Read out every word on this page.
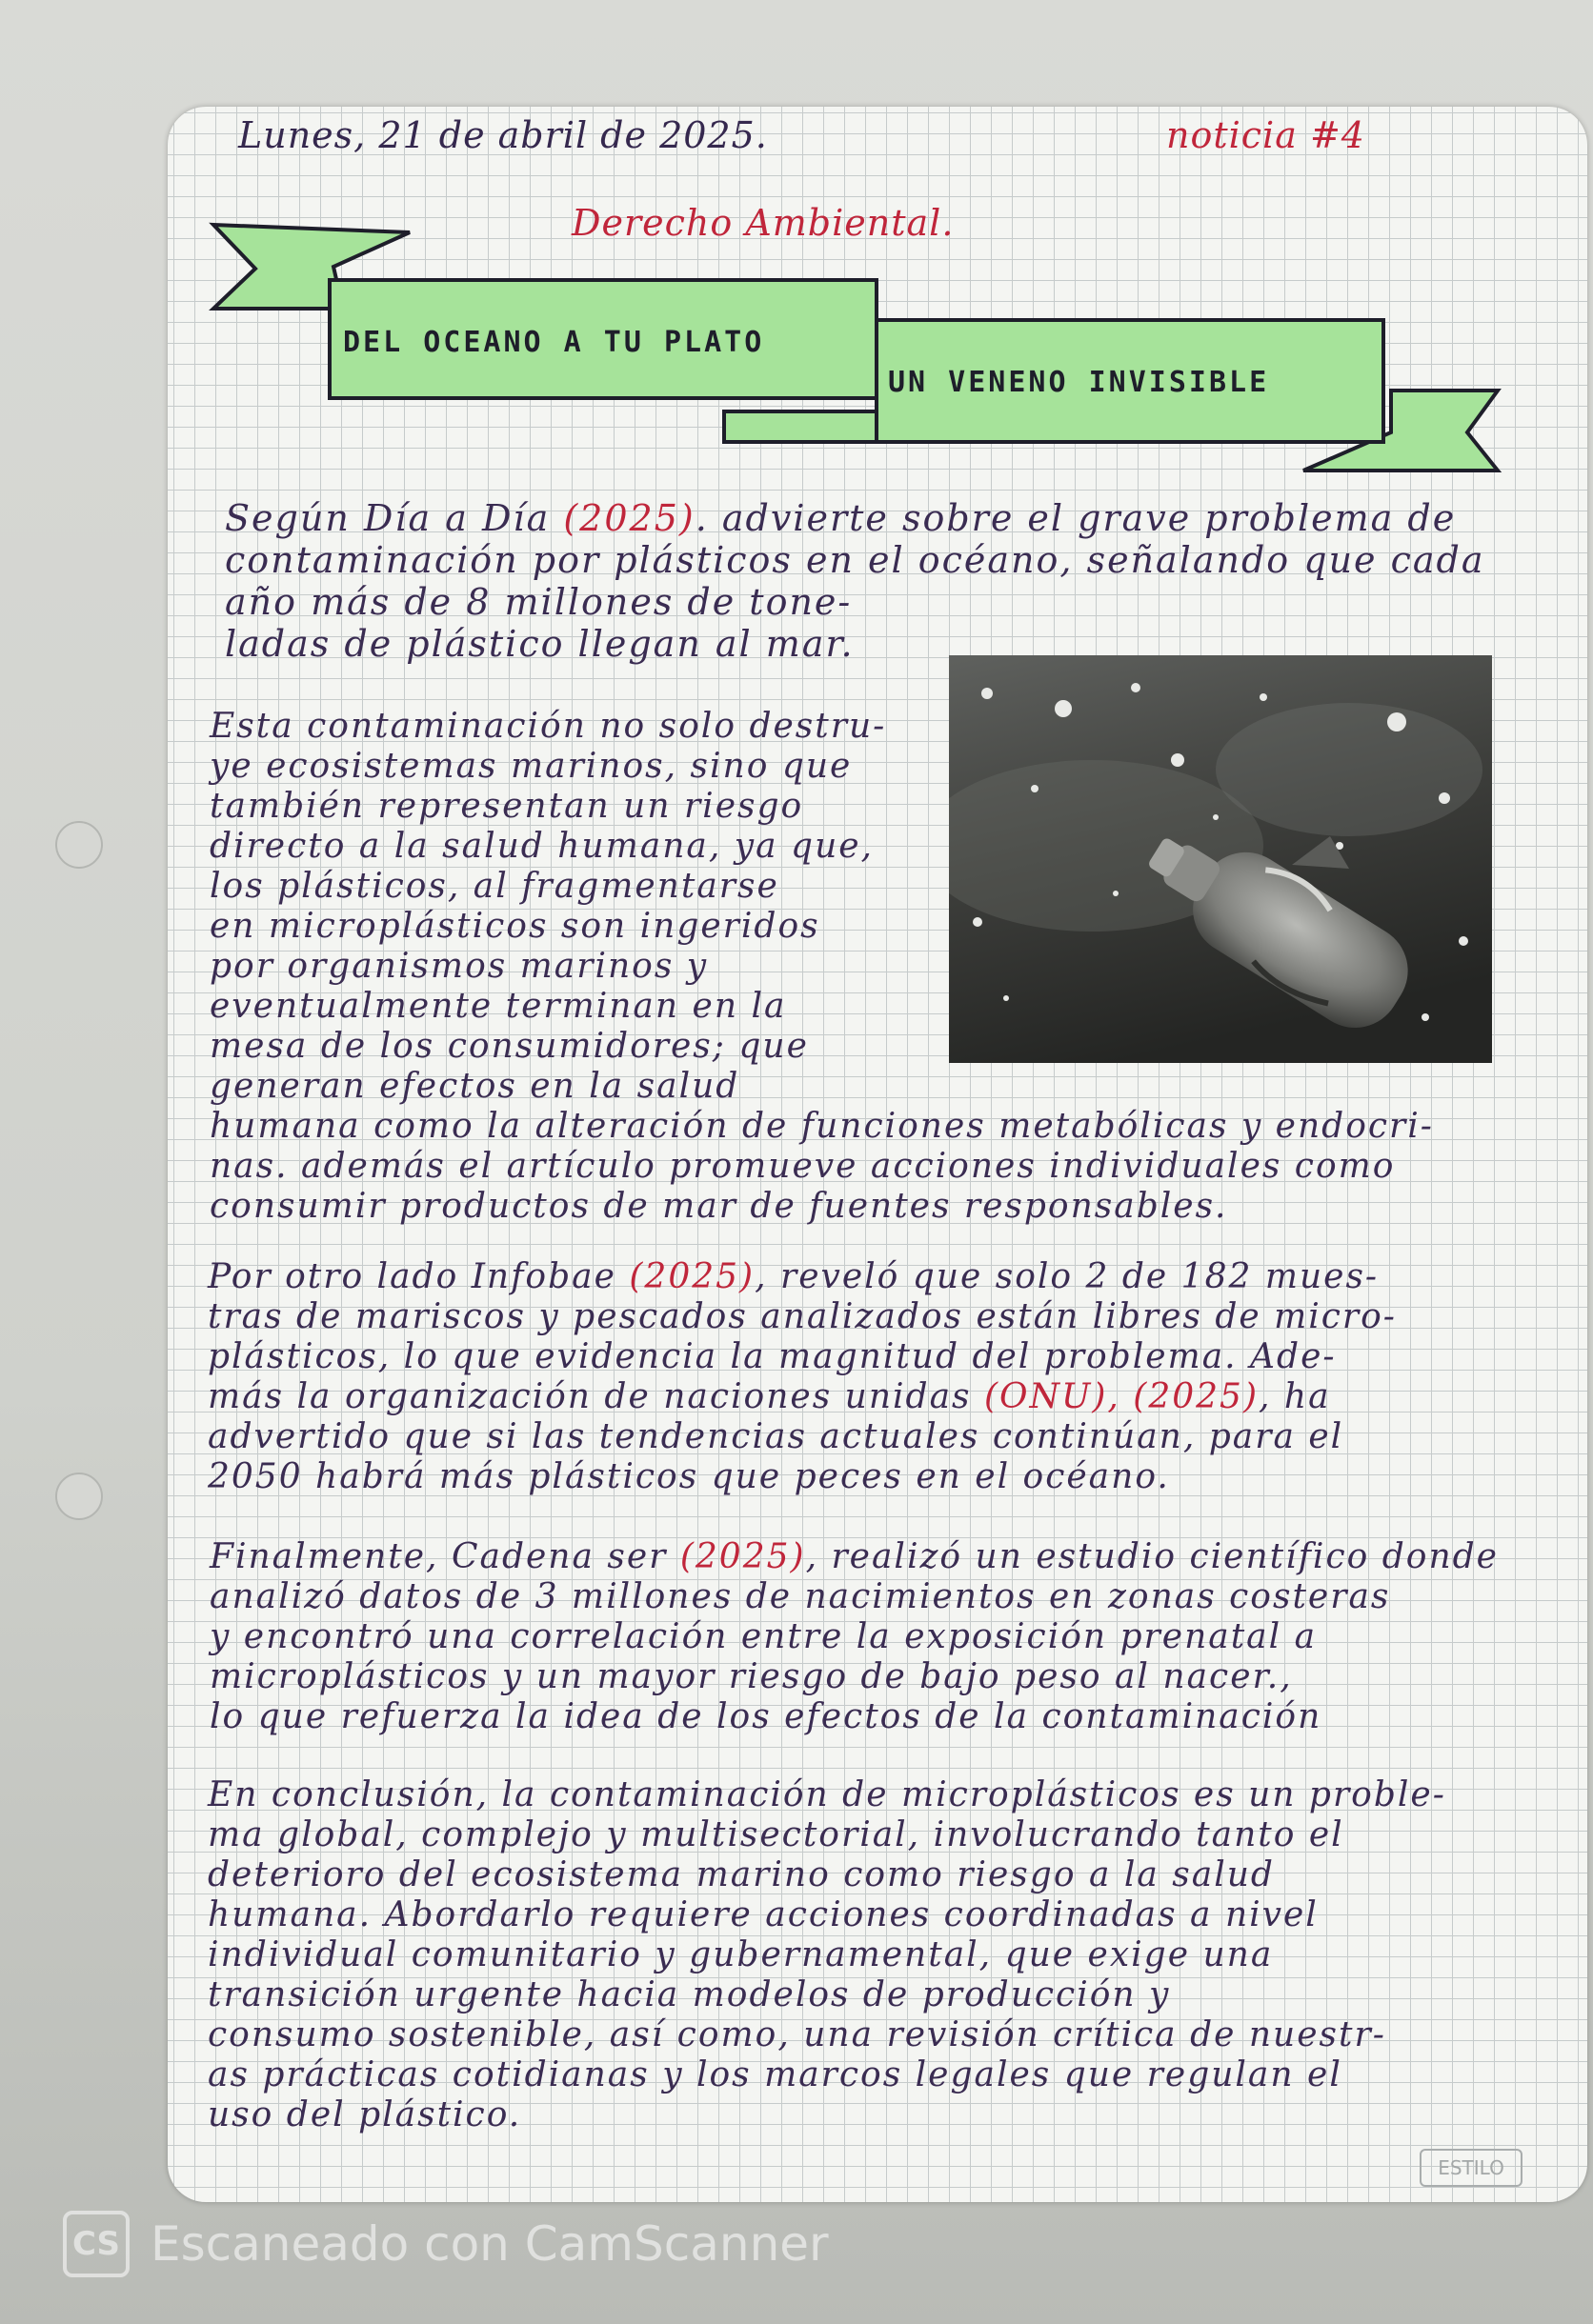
Lunes, 21 de abril de 2025.	noticia #4
Derecho Ambiental.
DEL OCEANO A TU PLATO
UN VENENO INVISIBLE

Según Día a Día (2025). advierte sobre el grave problema de
contaminación por plásticos en el océano, señalando que cada
año más de 8 millones de tone-
ladas de plástico llegan al mar.

Esta contaminación no solo destru-
ye ecosistemas marinos, sino que
también representan un riesgo
directo a la salud humana, ya que,
los plásticos, al fragmentarse
en microplásticos son ingeridos
por organismos marinos y
eventualmente terminan en la
mesa de los consumidores; que
generan efectos en la salud
humana como la alteración de funciones metabólicas y endocri-
nas. además el artículo promueve acciones individuales como
consumir productos de mar de fuentes responsables.

Por otro lado Infobae (2025), reveló que solo 2 de 182 mues-
tras de mariscos y pescados analizados están libres de micro-
plásticos, lo que evidencia la magnitud del problema. Ade-
más la organización de naciones unidas (ONU), (2025), ha
advertido que si las tendencias actuales continúan, para el
2050 habrá más plásticos que peces en el océano.

Finalmente, Cadena ser (2025), realizó un estudio científico donde
analizó datos de 3 millones de nacimientos en zonas costeras
y encontró una correlación entre la exposición prenatal a
microplásticos y un mayor riesgo de bajo peso al nacer.,
lo que refuerza la idea de los efectos de la contaminación

En conclusión, la contaminación de microplásticos es un proble-
ma global, complejo y multisectorial, involucrando tanto el
deterioro del ecosistema marino como riesgo a la salud
humana. Abordarlo requiere acciones coordinadas a nivel
individual comunitario y gubernamental, que exige una
transición urgente hacia modelos de producción y
consumo sostenible, así como, una revisión crítica de nuestr-
as prácticas cotidianas y los marcos legales que regulan el
uso del plástico.

ESTILO
CS Escaneado con CamScanner
